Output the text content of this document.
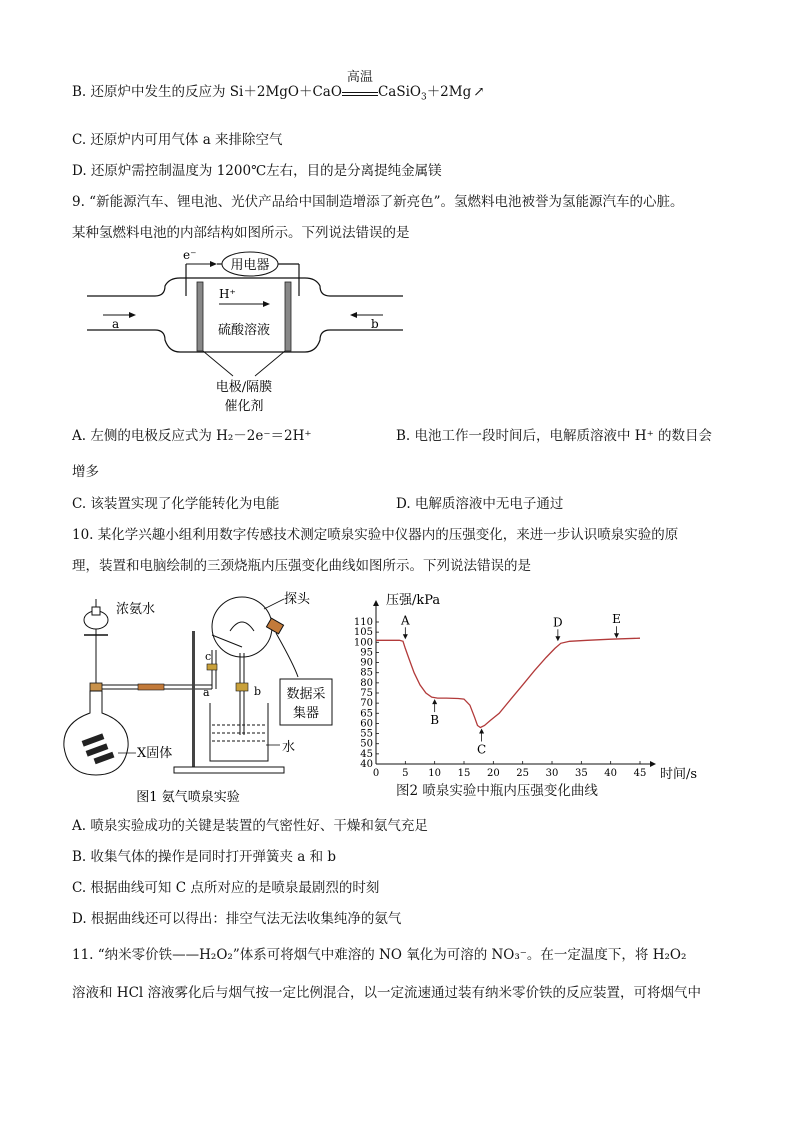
B. 还原炉中发生的反应为 Si＋2MgO＋CaO
高温
CaSiO$_3$＋2Mg ↗
C. 还原炉内可用气体 a 来排除空气
D. 还原炉需控制温度为 1200℃左右，目的是分离提纯金属镁
9. “新能源汽车、锂电池、光伏产品给中国制造增添了新亮色”。氢燃料电池被誉为氢能源汽车的心脏。
某种氢燃料电池的内部结构如图所示。下列说法错误的是
e⁻
用电器
H⁺
硫酸溶液
a	b
电极/隔膜
催化剂
A. 左侧的电极反应式为 H₂－2e⁻＝2H⁺	B. 电池工作一段时间后，电解质溶液中 H⁺ 的数目会
增多
C. 该装置实现了化学能转化为电能	D. 电解质溶液中无电子通过
10. 某化学兴趣小组利用数字传感技术测定喷泉实验中仪器内的压强变化，来进一步认识喷泉实验的原
理，装置和电脑绘制的三颈烧瓶内压强变化曲线如图所示。下列说法错误的是
浓氨水
X固体
探头
c
a	b 数据采
集器
水
图1 氨气喷泉实验
压强/kPa
时间/s
40
45
50
55
60
65
70
75
80
85
90
95
100
105
110
0 5 10 15 20 25 30 35 40 45
A
B
C
D	E
图2 喷泉实验中瓶内压强变化曲线
A. 喷泉实验成功的关键是装置的气密性好、干燥和氨气充足
B. 收集气体的操作是同时打开弹簧夹 a 和 b
C. 根据曲线可知 C 点所对应的是喷泉最剧烈的时刻
D. 根据曲线还可以得出：排空气法无法收集纯净的氨气
11. “纳米零价铁——H₂O₂”体系可将烟气中难溶的 NO 氧化为可溶的 NO₃⁻。在一定温度下，将 H₂O₂
溶液和 HCl 溶液雾化后与烟气按一定比例混合，以一定流速通过装有纳米零价铁的反应装置，可将烟气中
